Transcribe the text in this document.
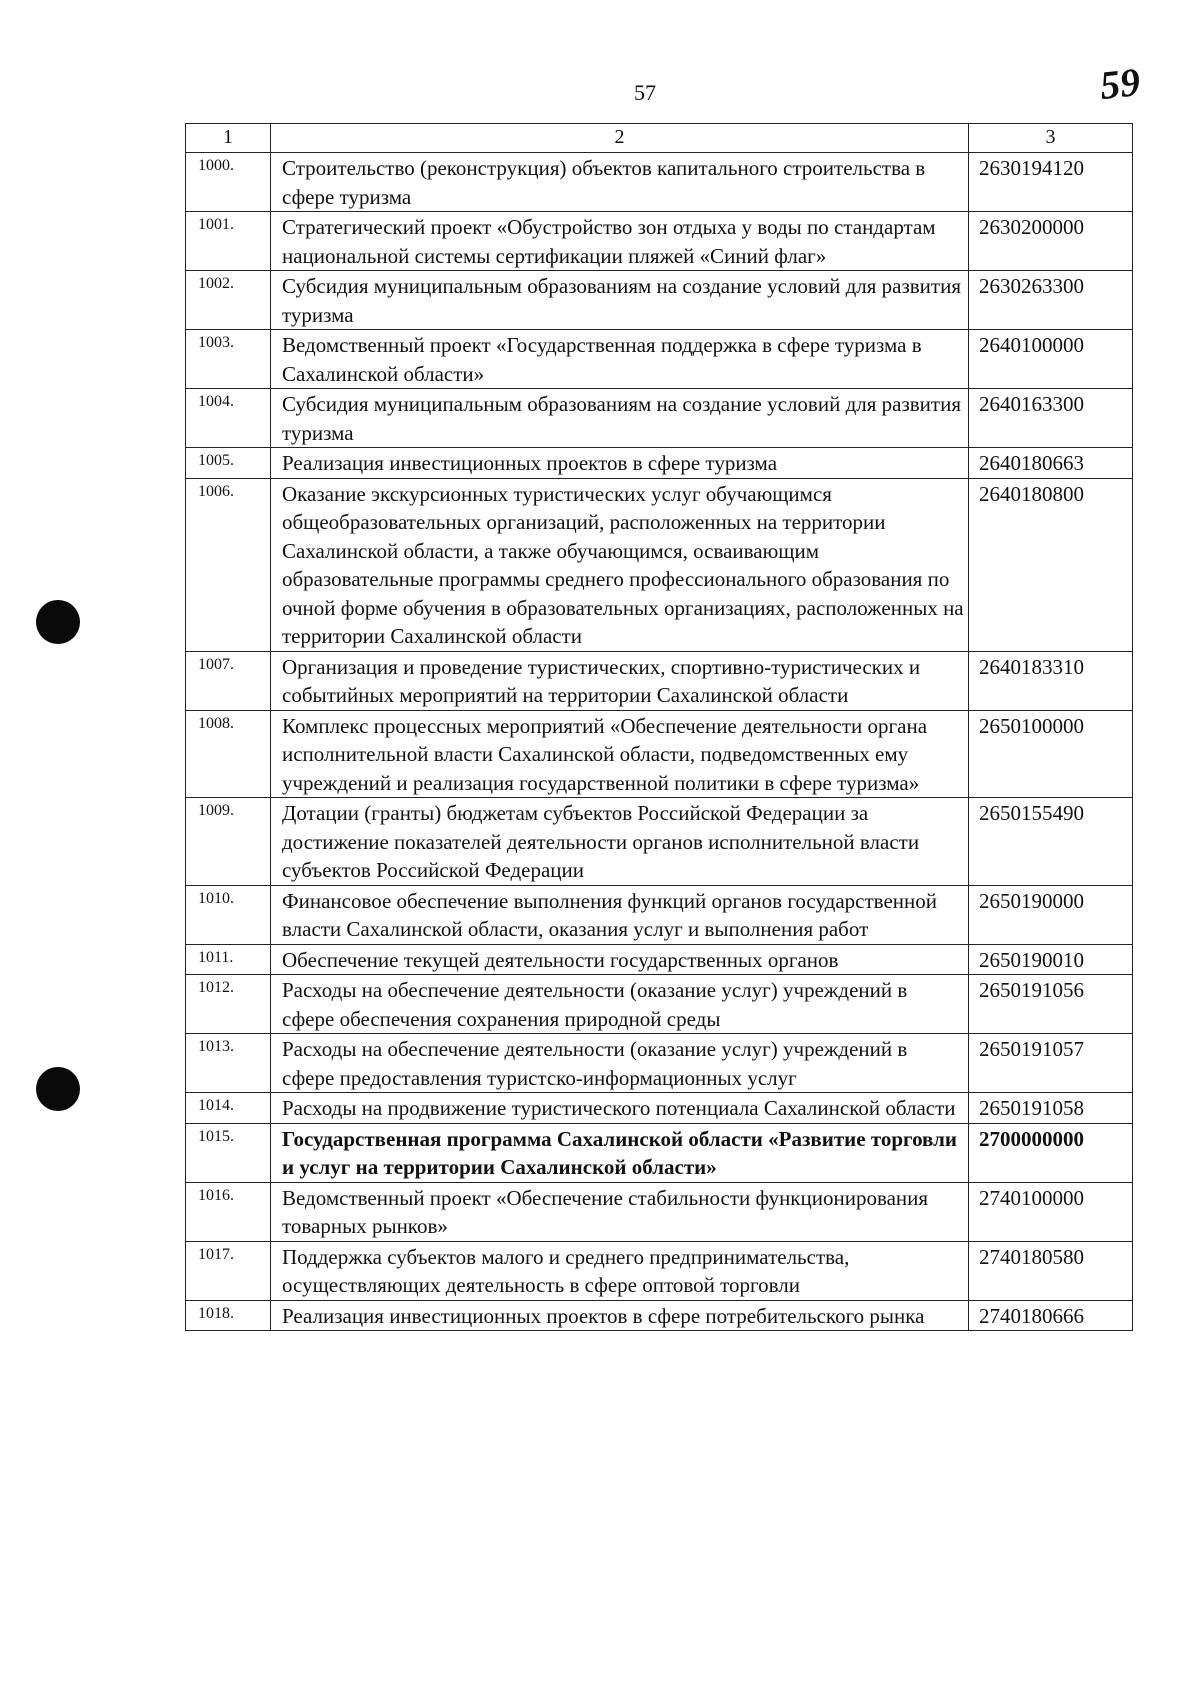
57	59
1	2	3
1000.	Строительство (реконструкция) объектов капитального строительства в сфере туризма	2630194120
1001.	Стратегический проект «Обустройство зон отдыха у воды по стандартам национальной системы сертификации пляжей «Синий флаг»	2630200000
1002.	Субсидия муниципальным образованиям на создание условий для развития туризма	2630263300
1003.	Ведомственный проект «Государственная поддержка в сфере туризма в Сахалинской области»	2640100000
1004.	Субсидия муниципальным образованиям на создание условий для развития туризма	2640163300
1005.	Реализация инвестиционных проектов в сфере туризма	2640180663
1006.	Оказание экскурсионных туристических услуг обучающимся общеобразовательных организаций, расположенных на территории Сахалинской области, а также обучающимся, осваивающим образовательные программы среднего профессионального образования по очной форме обучения в образовательных организациях, расположенных на территории Сахалинской области	2640180800
1007.	Организация и проведение туристических, спортивно-туристических и событийных мероприятий на территории Сахалинской области	2640183310
1008.	Комплекс процессных мероприятий «Обеспечение деятельности органа исполнительной власти Сахалинской области, подведомственных ему учреждений и реализация государственной политики в сфере туризма»	2650100000
1009.	Дотации (гранты) бюджетам субъектов Российской Федерации за достижение показателей деятельности органов исполнительной власти субъектов Российской Федерации	2650155490
1010.	Финансовое обеспечение выполнения функций органов государственной власти Сахалинской области, оказания услуг и выполнения работ	2650190000
1011.	Обеспечение текущей деятельности государственных органов	2650190010
1012.	Расходы на обеспечение деятельности (оказание услуг) учреждений в сфере обеспечения сохранения природной среды	2650191056
1013.	Расходы на обеспечение деятельности (оказание услуг) учреждений в сфере предоставления туристско-информационных услуг	2650191057
1014.	Расходы на продвижение туристического потенциала Сахалинской области	2650191058
1015.	Государственная программа Сахалинской области «Развитие торговли и услуг на территории Сахалинской области»	2700000000
1016.	Ведомственный проект «Обеспечение стабильности функционирования товарных рынков»	2740100000
1017.	Поддержка субъектов малого и среднего предпринимательства, осуществляющих деятельность в сфере оптовой торговли	2740180580
1018.	Реализация инвестиционных проектов в сфере потребительского рынка	2740180666
